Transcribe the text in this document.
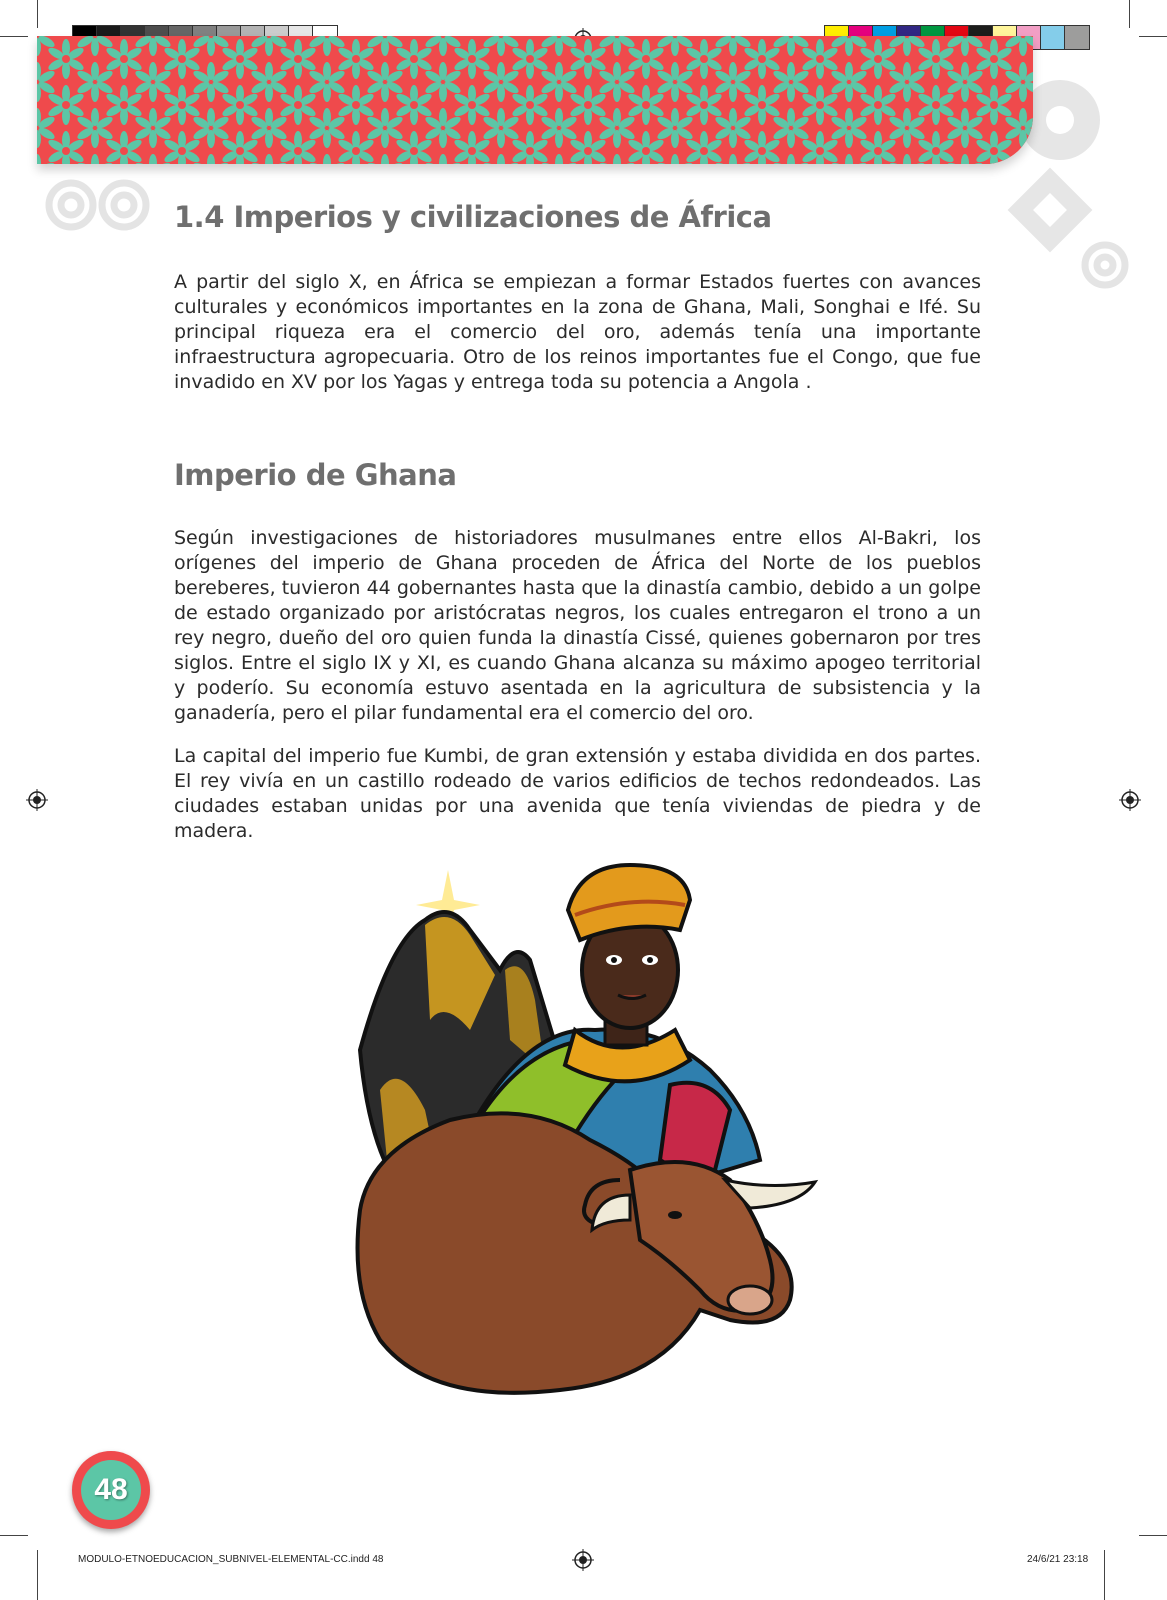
1.4 Imperios y civilizaciones de África

A partir del siglo X, en África se empiezan a formar Estados fuertes con avances culturales y económicos importantes en la zona de Ghana, Mali, Songhai e Ifé. Su principal riqueza era el comercio del oro, además tenía una importante infraestructura agropecuaria. Otro de los reinos importantes fue el Congo, que fue invadido en XV por los Yagas y entrega toda su potencia a Angola .

Imperio de Ghana

Según investigaciones de historiadores musulmanes entre ellos Al-Bakri, los orígenes del imperio de Ghana proceden de África del Norte de los pueblos bereberes, tuvieron 44 gobernantes hasta que la dinastía cambio, debido a un golpe de estado organizado por aristócratas negros, los cuales entregaron el trono a un rey negro, dueño del oro quien funda la dinastía Cissé, quienes gobernaron por tres siglos. Entre el siglo IX y XI, es cuando Ghana alcanza su máximo apogeo territorial y poderío. Su economía estuvo asentada en la agricultura de subsistencia y la ganadería, pero el pilar fundamental era el comercio del oro.

La capital del imperio fue Kumbi, de gran extensión y estaba dividida en dos partes. El rey vivía en un castillo rodeado de varios edificios de techos redondeados. Las ciudades estaban unidas por una avenida que tenía viviendas de piedra y de madera.

48
MODULO-ETNOEDUCACION_SUBNIVEL-ELEMENTAL-CC.indd 48	24/6/21 23:18
